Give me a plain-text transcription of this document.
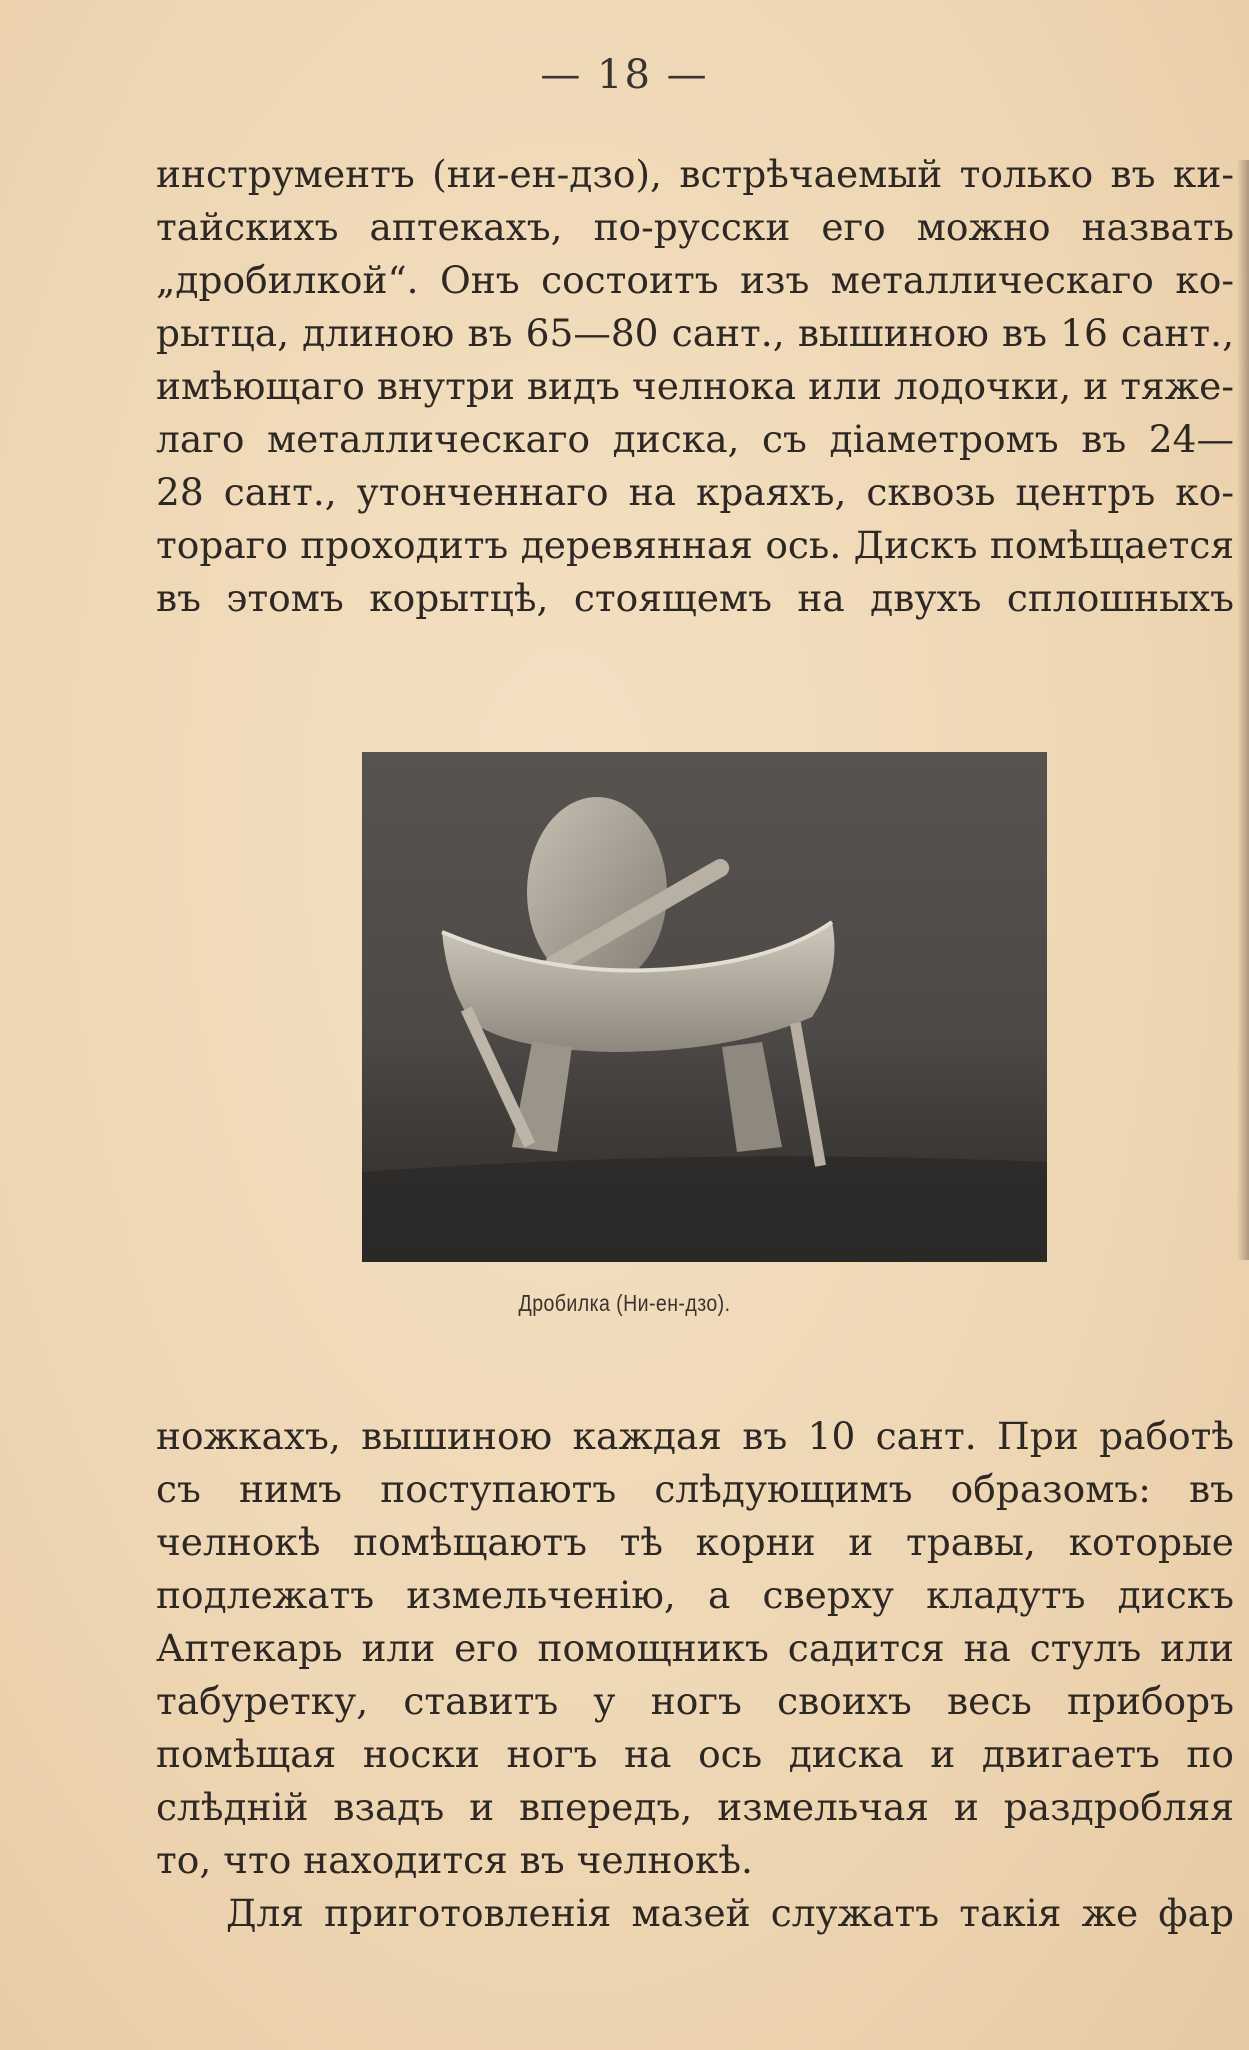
— 18 —
инструментъ (ни-ен-дзо), встрѣчаемый только въ ки-
тайскихъ аптекахъ, по-русски его можно назвать
„дробилкой“. Онъ состоитъ изъ металлическаго ко-
рытца, длиною въ 65—80 сант., вышиною въ 16 сант.,
имѣющаго внутри видъ челнока или лодочки, и тяже-
лаго металлическаго диска, съ діаметромъ въ 24—
28 сант., утонченнаго на краяхъ, сквозь центръ ко-
тораго проходитъ деревянная ось. Дискъ помѣщается
въ этомъ корытцѣ, стоящемъ на двухъ сплошныхъ
Дробилка (Ни-ен-дзо).
ножкахъ, вышиною каждая въ 10 сант. При работѣ
съ нимъ поступаютъ слѣдующимъ образомъ: въ
челнокѣ помѣщаютъ тѣ корни и травы, которые
подлежатъ измельченію, а сверху кладутъ дискъ
Аптекарь или его помощникъ садится на стулъ или
табуретку, ставитъ у ногъ своихъ весь приборъ
помѣщая носки ногъ на ось диска и двигаетъ по
слѣдній взадъ и впередъ, измельчая и раздробляя
то, что находится въ челнокѣ.
Для приготовленія мазей служатъ такія же фар
